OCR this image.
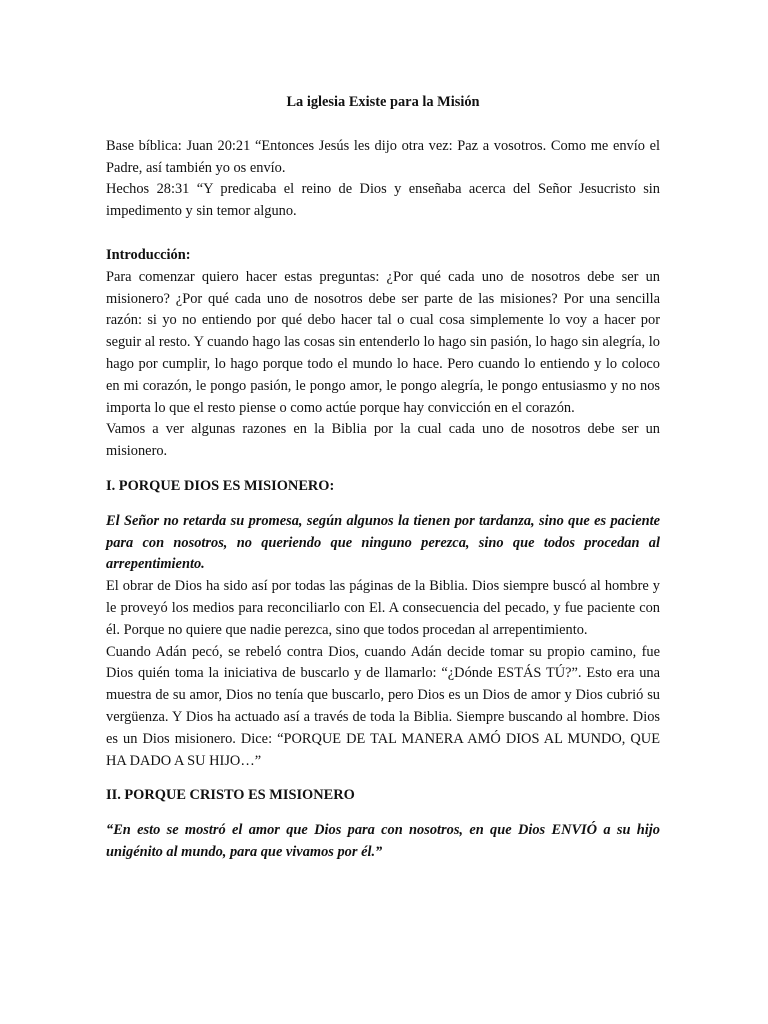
La iglesia Existe para la Misión

Base bíblica: Juan 20:21 “Entonces Jesús les dijo otra vez: Paz a vosotros. Como me envío el Padre, así también yo os envío.

Hechos 28:31 “Y predicaba el reino de Dios y enseñaba acerca del Señor Jesucristo sin impedimento y sin temor alguno.

Introducción:

Para comenzar quiero hacer estas preguntas: ¿Por qué cada uno de nosotros debe ser un misionero? ¿Por qué cada uno de nosotros debe ser parte de las misiones? Por una sencilla razón: si yo no entiendo por qué debo hacer tal o cual cosa simplemente lo voy a hacer por seguir al resto. Y cuando hago las cosas sin entenderlo lo hago sin pasión, lo hago sin alegría, lo hago por cumplir, lo hago porque todo el mundo lo hace. Pero cuando lo entiendo y lo coloco en mi corazón, le pongo pasión, le pongo amor, le pongo alegría, le pongo entusiasmo y no nos importa lo que el resto piense o como actúe porque hay convicción en el corazón.

Vamos a ver algunas razones en la Biblia por la cual cada uno de nosotros debe ser un misionero.

I. PORQUE DIOS ES MISIONERO:

El Señor no retarda su promesa, según algunos la tienen por tardanza, sino que es paciente para con nosotros, no queriendo que ninguno perezca, sino que todos procedan al arrepentimiento.

El obrar de Dios ha sido así por todas las páginas de la Biblia. Dios siempre buscó al hombre y le proveyó los medios para reconciliarlo con El. A consecuencia del pecado, y fue paciente con él. Porque no quiere que nadie perezca, sino que todos procedan al arrepentimiento.

Cuando Adán pecó, se rebeló contra Dios, cuando Adán decide tomar su propio camino, fue Dios quién toma la iniciativa de buscarlo y de llamarlo: “¿Dónde ESTÁS TÚ?”. Esto era una muestra de su amor, Dios no tenía que buscarlo, pero Dios es un Dios de amor y Dios cubrió su vergüenza. Y Dios ha actuado así a través de toda la Biblia. Siempre buscando al hombre. Dios es un Dios misionero. Dice: “PORQUE DE TAL MANERA AMÓ DIOS AL MUNDO, QUE HA DADO A SU HIJO…”

II. PORQUE CRISTO ES MISIONERO

“En esto se mostró el amor que Dios para con nosotros, en que Dios ENVIÓ a su hijo unigénito al mundo, para que vivamos por él.”
